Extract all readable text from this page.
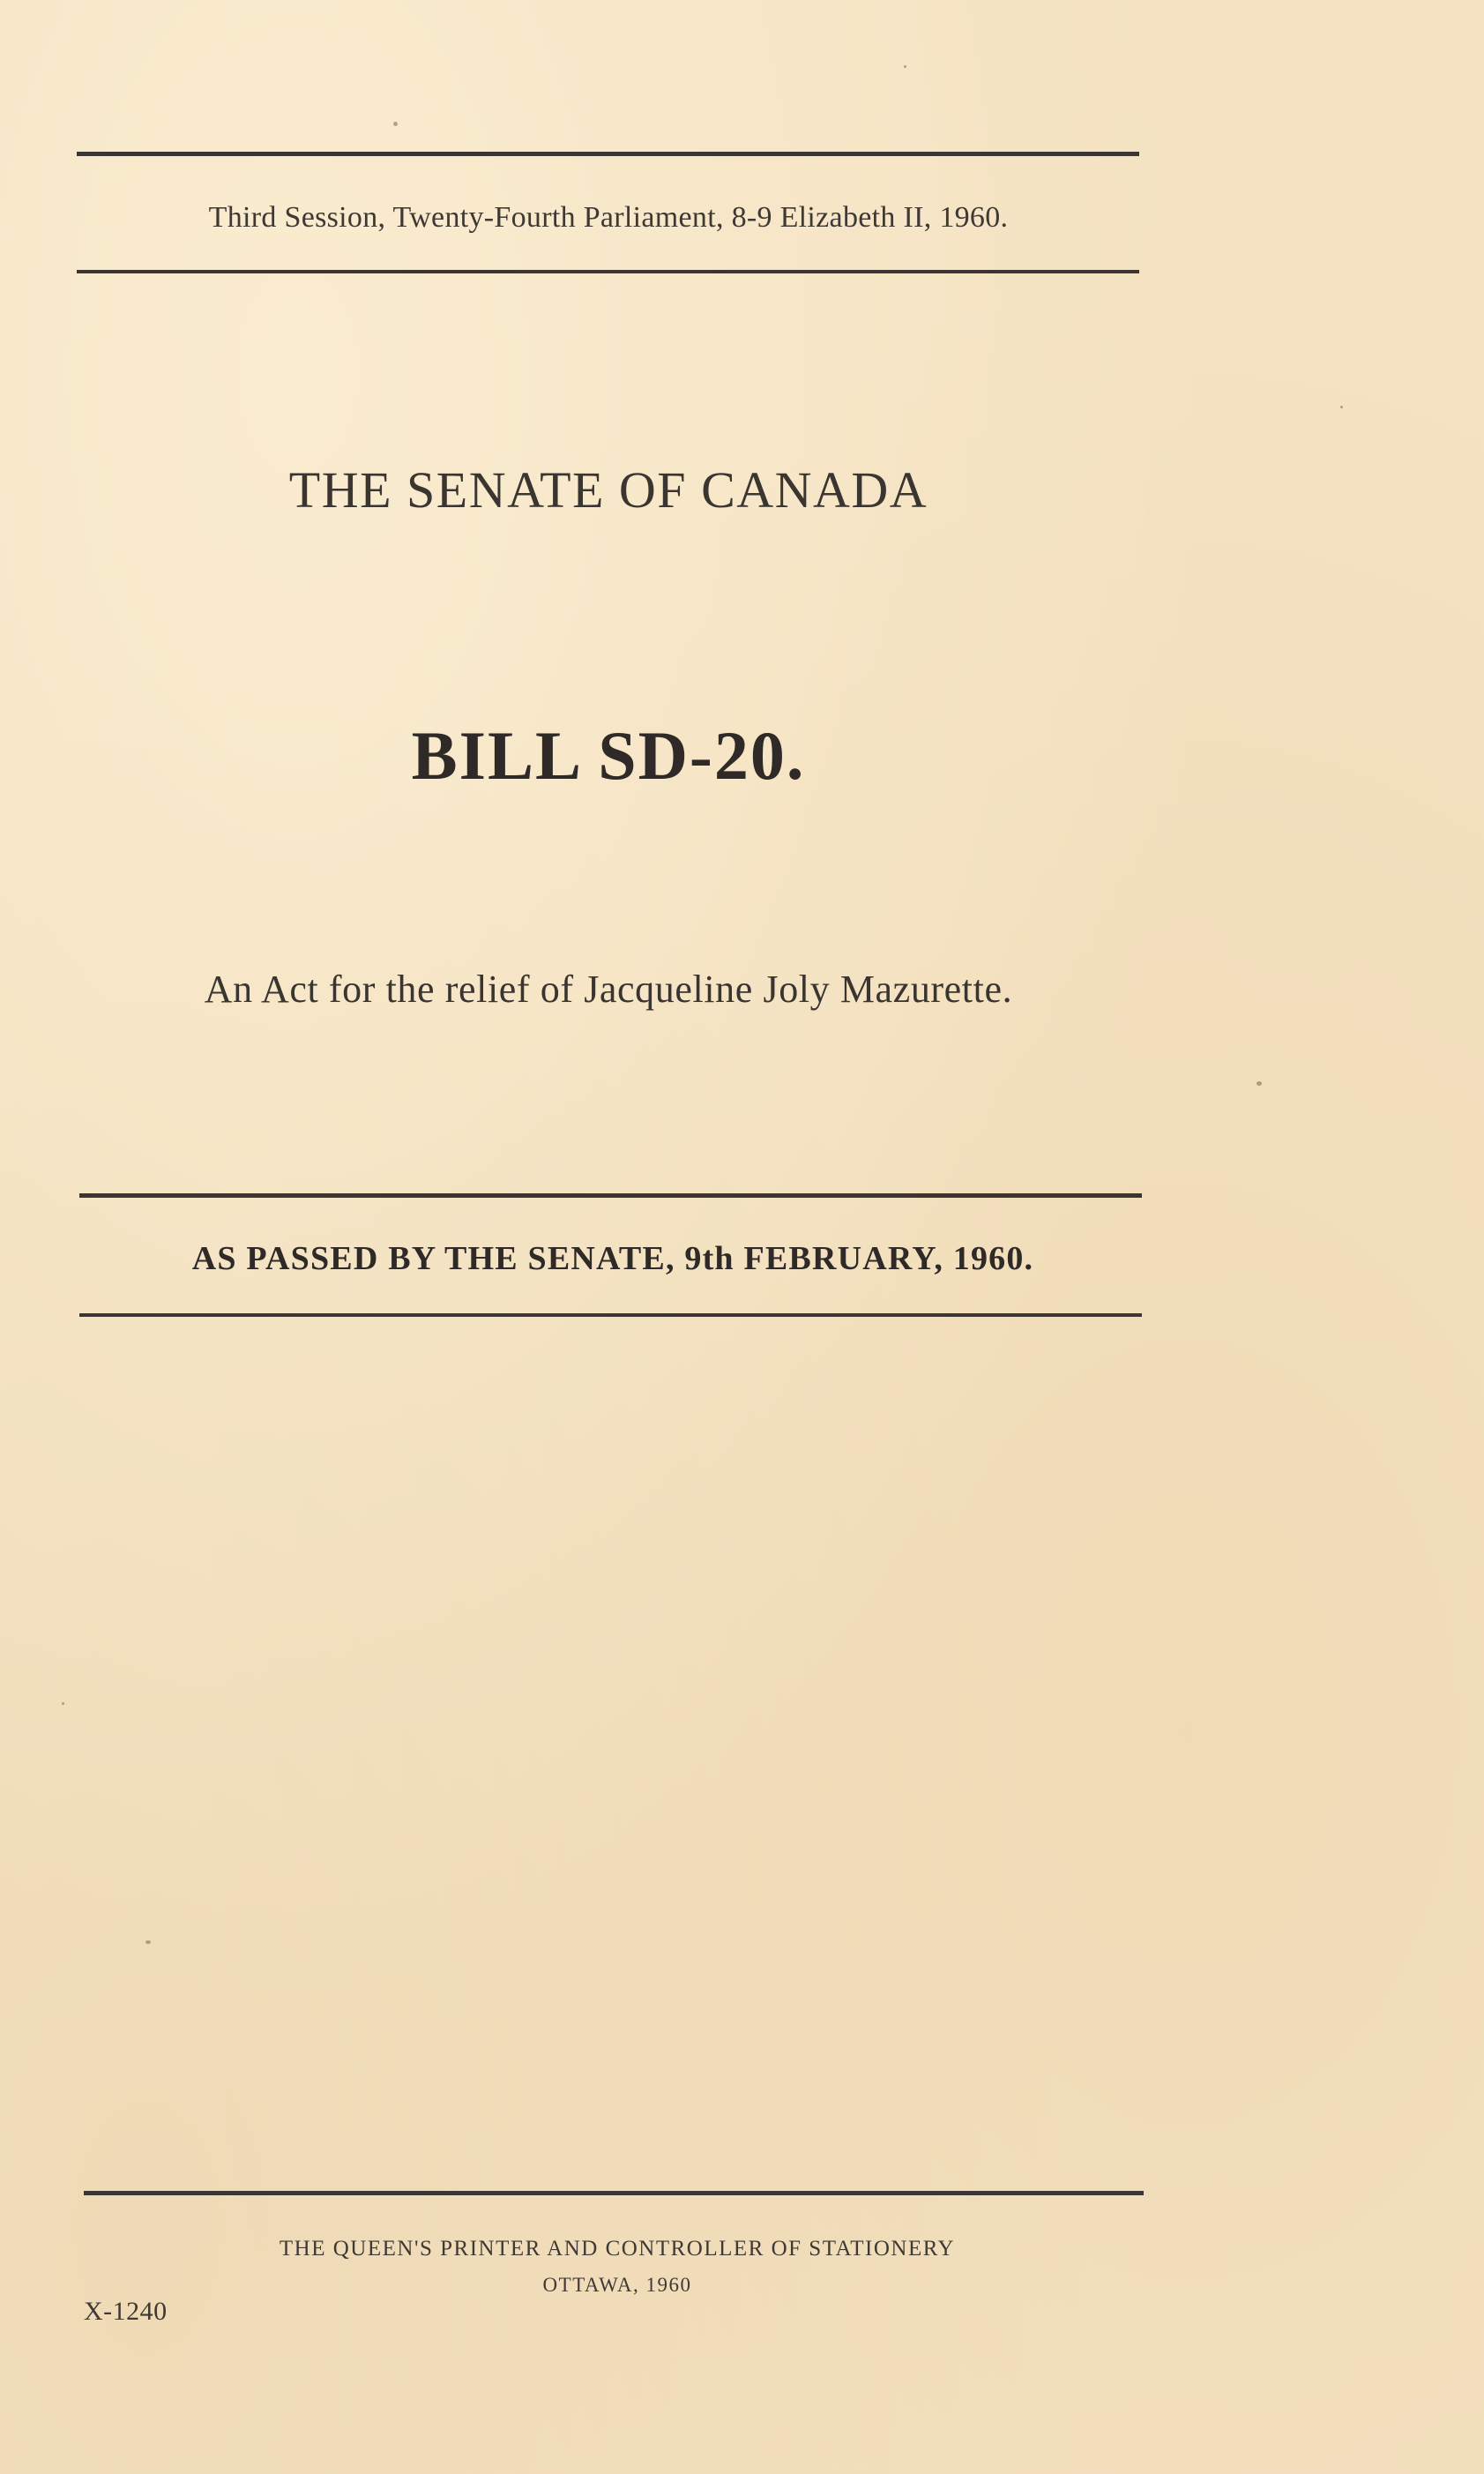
Third Session, Twenty-Fourth Parliament, 8-9 Elizabeth II, 1960.
THE SENATE OF CANADA
BILL SD-20.
An Act for the relief of Jacqueline Joly Mazurette.
AS PASSED BY THE SENATE, 9th FEBRUARY, 1960.
THE QUEEN'S PRINTER AND CONTROLLER OF STATIONERY
OTTAWA, 1960
X-1240
